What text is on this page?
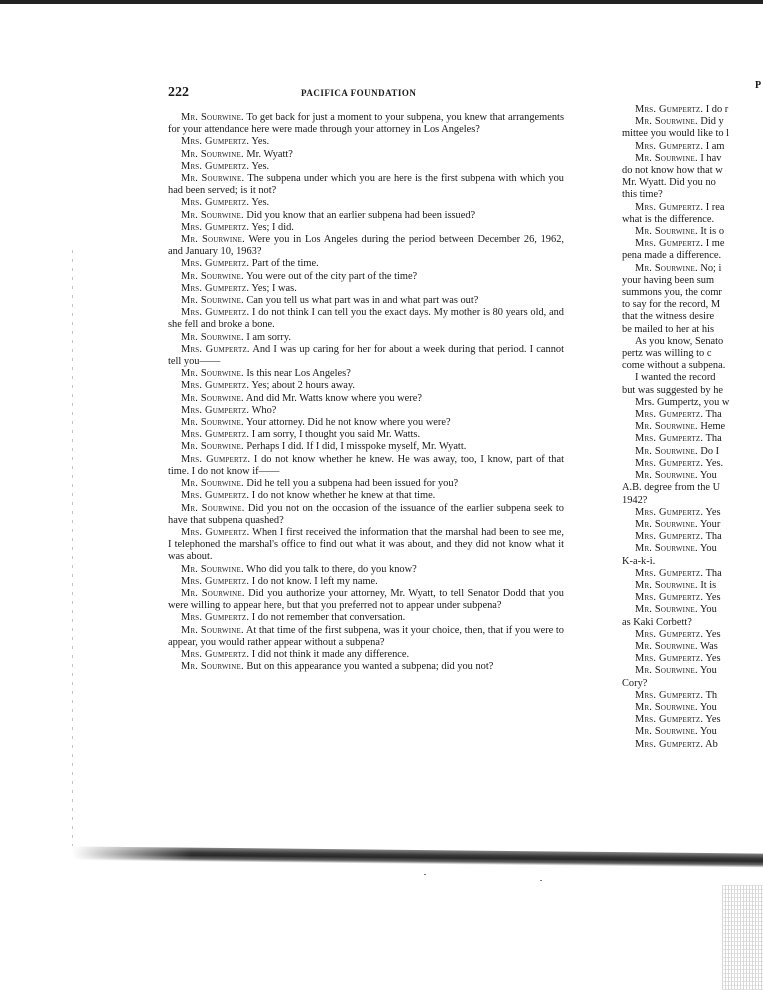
222	PACIFICA FOUNDATION
P
Mrs. Gumpertz. I do r
Mr. Sourwine. Did y
mittee you would like to l
Mrs. Gumpertz. I am
Mr. Sourwine. I hav
do not know how that w
Mr. Wyatt. Did you no
this time?
Mrs. Gumpertz. I rea
what is the difference.
Mr. Sourwine. It is o
Mrs. Gumpertz. I me
pena made a difference.
Mr. Sourwine. No; i
your having been sum
summons you, the comr
to say for the record, M
that the witness desire
be mailed to her at his
As you know, Senato
pertz was willing to c
come without a subpena.
I wanted the record
but was suggested by he
Mrs. Gumpertz, you w
Mrs. Gumpertz. Tha
Mr. Sourwine. Heme
Mrs. Gumpertz. Tha
Mr. Sourwine. Do I
Mrs. Gumpertz. Yes.
Mr. Sourwine. You
A.B. degree from the U
1942?
Mrs. Gumpertz. Yes
Mr. Sourwine. Your
Mrs. Gumpertz. Tha
Mr. Sourwine. You
K-a-k-i.
Mrs. Gumpertz. Tha
Mr. Sourwine. It is
Mrs. Gumpertz. Yes
Mr. Sourwine. You
as Kaki Corbett?
Mrs. Gumpertz. Yes
Mr. Sourwine. Was
Mrs. Gumpertz. Yes
Mr. Sourwine. You
Cory?
Mrs. Gumpertz. Th
Mr. Sourwine. You
Mrs. Gumpertz. Yes
Mr. Sourwine. You
Mrs. Gumpertz. Ab
Mr. Sourwine. To get back for just a moment to your subpena, you knew that arrangements for your attendance here were made through your attorney in Los Angeles?
Mrs. Gumpertz. Yes.
Mr. Sourwine. Mr. Wyatt?
Mrs. Gumpertz. Yes.
Mr. Sourwine. The subpena under which you are here is the first subpena with which you had been served; is it not?
Mrs. Gumpertz. Yes.
Mr. Sourwine. Did you know that an earlier subpena had been issued?
Mrs. Gumpertz. Yes; I did.
Mr. Sourwine. Were you in Los Angeles during the period between December 26, 1962, and January 10, 1963?
Mrs. Gumpertz. Part of the time.
Mr. Sourwine. You were out of the city part of the time?
Mrs. Gumpertz. Yes; I was.
Mr. Sourwine. Can you tell us what part was in and what part was out?
Mrs. Gumpertz. I do not think I can tell you the exact days. My mother is 80 years old, and she fell and broke a bone.
Mr. Sourwine. I am sorry.
Mrs. Gumpertz. And I was up caring for her for about a week during that period. I cannot tell you——
Mr. Sourwine. Is this near Los Angeles?
Mrs. Gumpertz. Yes; about 2 hours away.
Mr. Sourwine. And did Mr. Watts know where you were?
Mrs. Gumpertz. Who?
Mr. Sourwine. Your attorney. Did he not know where you were?
Mrs. Gumpertz. I am sorry, I thought you said Mr. Watts.
Mr. Sourwine. Perhaps I did. If I did, I misspoke myself, Mr. Wyatt.
Mrs. Gumpertz. I do not know whether he knew. He was away, too, I know, part of that time. I do not know if——
Mr. Sourwine. Did he tell you a subpena had been issued for you?
Mrs. Gumpertz. I do not know whether he knew at that time.
Mr. Sourwine. Did you not on the occasion of the issuance of the earlier subpena seek to have that subpena quashed?
Mrs. Gumpertz. When I first received the information that the marshal had been to see me, I telephoned the marshal's office to find out what it was about, and they did not know what it was about.
Mr. Sourwine. Who did you talk to there, do you know?
Mrs. Gumpertz. I do not know. I left my name.
Mr. Sourwine. Did you authorize your attorney, Mr. Wyatt, to tell Senator Dodd that you were willing to appear here, but that you preferred not to appear under subpena?
Mrs. Gumpertz. I do not remember that conversation.
Mr. Sourwine. At that time of the first subpena, was it your choice, then, that if you were to appear, you would rather appear without a subpena?
Mrs. Gumpertz. I did not think it made any difference.
Mr. Sourwine. But on this appearance you wanted a subpena; did you not?
